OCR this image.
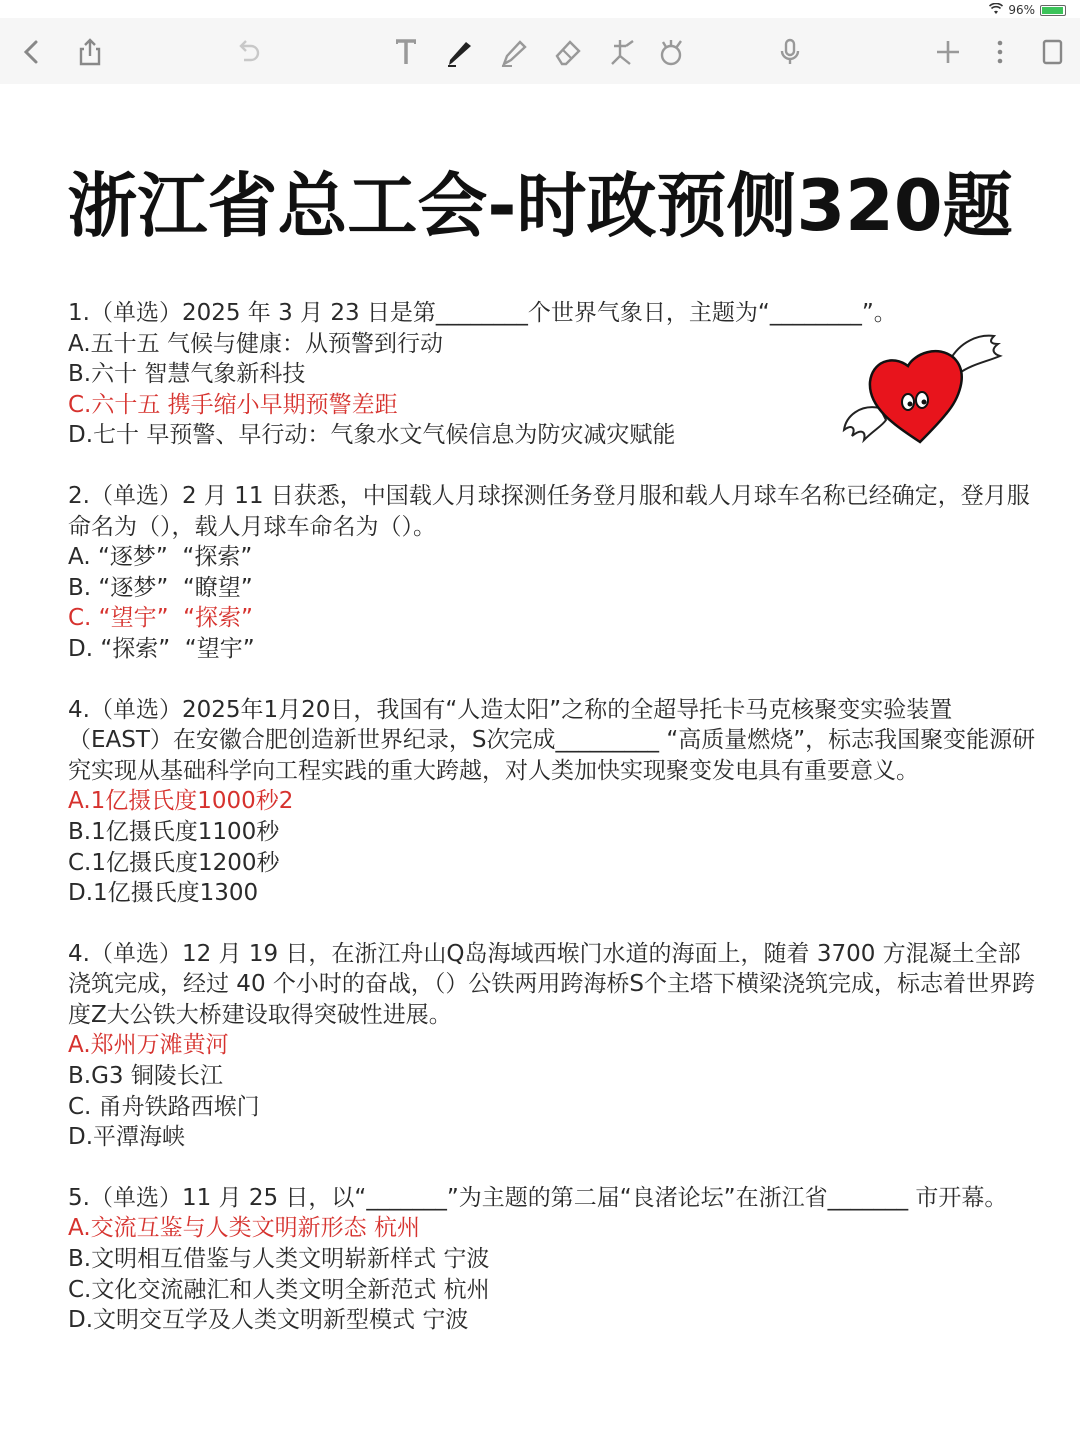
96%
浙江省总工会-时政预侧320题
1.（单选）2025 年 3 月 23 日是第________个世界气象日，主题为“________”。
A.五十五 气候与健康：从预警到行动
B.六十 智慧气象新科技
C.六十五 携手缩小早期预警差距
D.七十 早预警、早行动：气象水文气候信息为防灾减灾赋能
2.（单选）2 月 11 日获悉，中国载人月球探测任务登月服和载人月球车名称已经确定，登月服命名为（），载人月球车命名为（）。
A. “逐梦”  “探索”
B. “逐梦”  “瞭望”
C. “望宇”  “探索”
D. “探索”  “望宇”
4.（单选）2025年1月20日，我国有“人造太阳”之称的全超导托卡马克核聚变实验装置（EAST）在安徽合肥创造新世界纪录，S次完成_________ “高质量燃烧”，标志我国聚变能源研究实现从基础科学向工程实践的重大跨越，对人类加快实现聚变发电具有重要意义。
A.1亿摄氏度1000秒2
B.1亿摄氏度1100秒
C.1亿摄氏度1200秒
D.1亿摄氏度1300
4.（单选）12 月 19 日，在浙江舟山Q岛海域西堠门水道的海面上，随着 3700 方混凝土全部浇筑完成，经过 40 个小时的奋战，（）公铁两用跨海桥S个主塔下横梁浇筑完成，标志着世界跨度Z大公铁大桥建设取得突破性进展。
A.郑州万滩黄河
B.G3 铜陵长江
C. 甬舟铁路西堠门
D.平潭海峡
5.（单选）11 月 25 日，以“_______”为主题的第二届“良渚论坛”在浙江省_______ 市开幕。
A.交流互鉴与人类文明新形态 杭州
B.文明相互借鉴与人类文明崭新样式 宁波
C.文化交流融汇和人类文明全新范式 杭州
D.文明交互学及人类文明新型模式 宁波
